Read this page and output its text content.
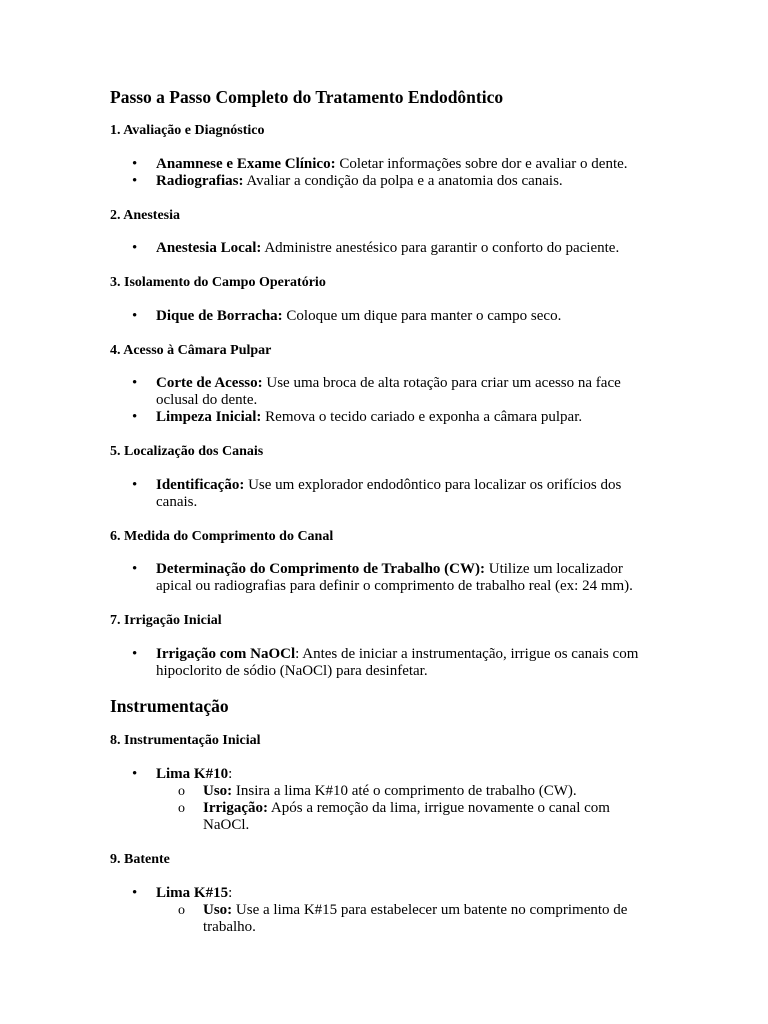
Passo a Passo Completo do Tratamento Endodôntico
1. Avaliação e Diagnóstico
• Anamnese e Exame Clínico: Coletar informações sobre dor e avaliar o dente.
• Radiografias: Avaliar a condição da polpa e a anatomia dos canais.
2. Anestesia
• Anestesia Local: Administre anestésico para garantir o conforto do paciente.
3. Isolamento do Campo Operatório
• Dique de Borracha: Coloque um dique para manter o campo seco.
4. Acesso à Câmara Pulpar
• Corte de Acesso: Use uma broca de alta rotação para criar um acesso na face
oclusal do dente.
• Limpeza Inicial: Remova o tecido cariado e exponha a câmara pulpar.
5. Localização dos Canais
• Identificação: Use um explorador endodôntico para localizar os orifícios dos
canais.
6. Medida do Comprimento do Canal
• Determinação do Comprimento de Trabalho (CW): Utilize um localizador
apical ou radiografias para definir o comprimento de trabalho real (ex: 24 mm).
7. Irrigação Inicial
• Irrigação com NaOCl: Antes de iniciar a instrumentação, irrigue os canais com
hipoclorito de sódio (NaOCl) para desinfetar.
Instrumentação
8. Instrumentação Inicial
• Lima K#10:
o Uso: Insira a lima K#10 até o comprimento de trabalho (CW).
o Irrigação: Após a remoção da lima, irrigue novamente o canal com
NaOCl.
9. Batente
• Lima K#15:
o Uso: Use a lima K#15 para estabelecer um batente no comprimento de
trabalho.
